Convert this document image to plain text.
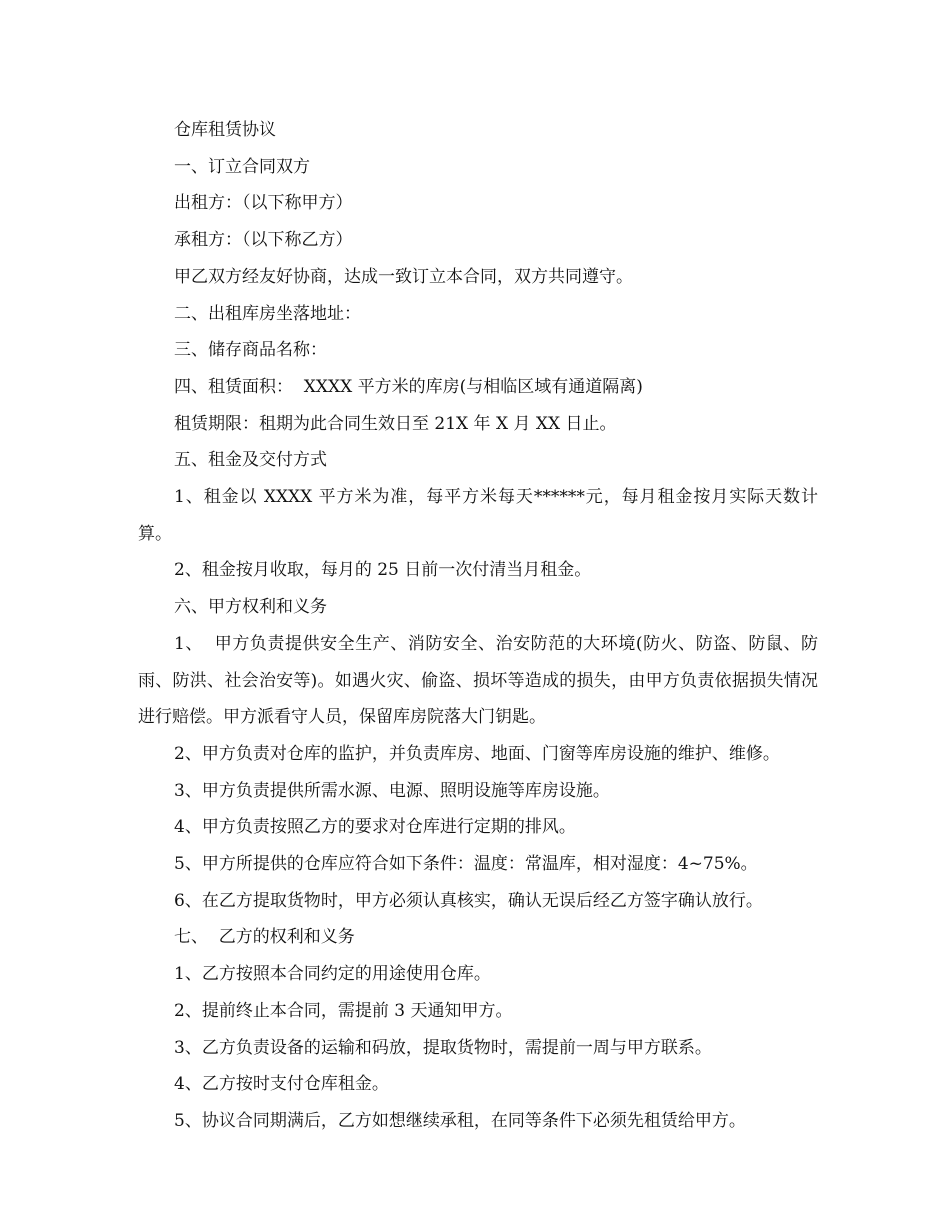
仓库租赁协议

一、订立合同双方

出租方：（以下称甲方）

承租方：（以下称乙方）

甲乙双方经友好协商，达成一致订立本合同，双方共同遵守。

二、出租库房坐落地址：

三、储存商品名称：

四、租赁面积：  XXXX 平方米的库房(与相临区域有通道隔离)

租赁期限：租期为此合同生效日至 21X 年 X 月 XX 日止。

五、租金及交付方式

1、租金以 XXXX 平方米为准，每平方米每天******元，每月租金按月实际天数计算。

2、租金按月收取，每月的 25 日前一次付清当月租金。

六、甲方权利和义务

1、  甲方负责提供安全生产、消防安全、治安防范的大环境(防火、防盗、防鼠、防雨、防洪、社会治安等)。如遇火灾、偷盗、损坏等造成的损失，由甲方负责依据损失情况进行赔偿。甲方派看守人员，保留库房院落大门钥匙。

2、甲方负责对仓库的监护，并负责库房、地面、门窗等库房设施的维护、维修。

3、甲方负责提供所需水源、电源、照明设施等库房设施。

4、甲方负责按照乙方的要求对仓库进行定期的排风。

5、甲方所提供的仓库应符合如下条件：温度：常温库，相对湿度：4~75%。

6、在乙方提取货物时，甲方必须认真核实，确认无误后经乙方签字确认放行。

七、  乙方的权利和义务

1、乙方按照本合同约定的用途使用仓库。

2、提前终止本合同，需提前 3 天通知甲方。

3、乙方负责设备的运输和码放，提取货物时，需提前一周与甲方联系。

4、乙方按时支付仓库租金。

5、协议合同期满后，乙方如想继续承租，在同等条件下必须先租赁给甲方。
